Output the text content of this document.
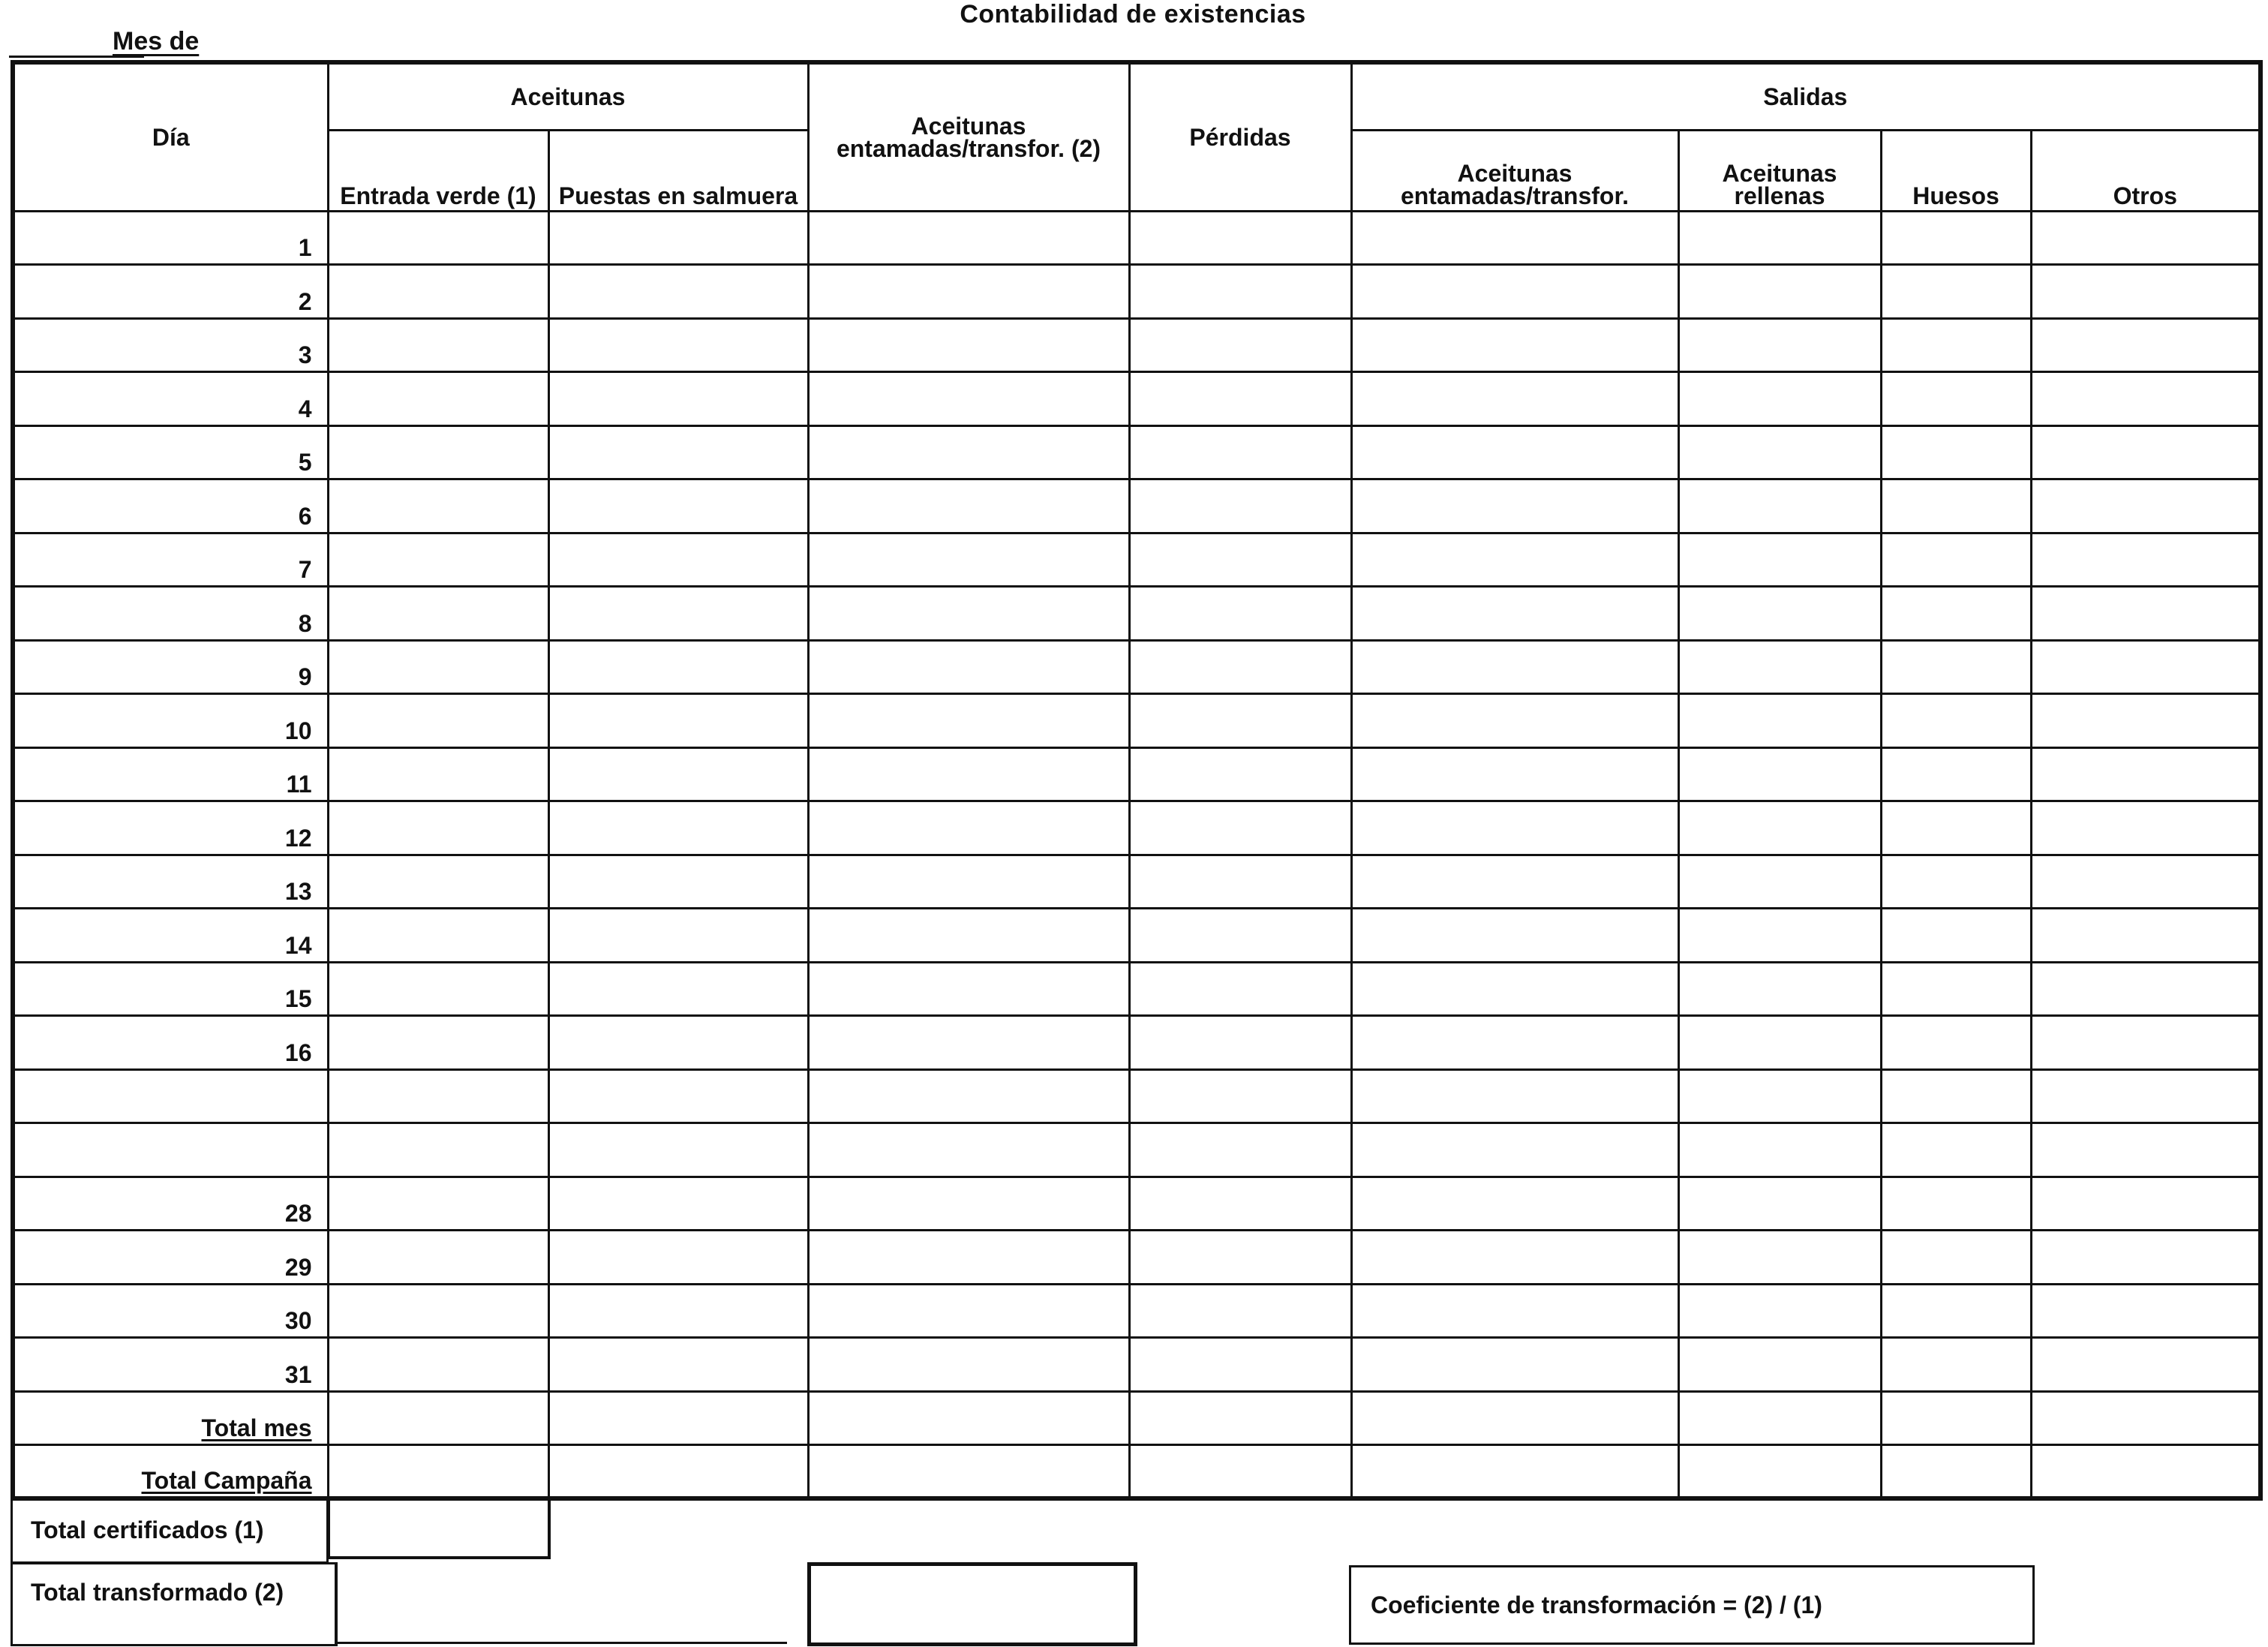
Contabilidad de existencias
Mes de
Día	Aceitunas		Aceitunas entamadas/transfor. (2)	Pérdidas	Salidas			
	Entrada verde (1)	Puestas en salmuera			Aceitunas entamadas/transfor.	Aceitunas rellenas	Huesos	Otros
1								
2								
3								
4								
5								
6								
7								
8								
9								
10								
11								
12								
13								
14								
15								
16								

28								
29								
30								
31								
Total mes								
Total Campaña								
Total certificados (1)
Total transformado (2)	Coeficiente de transformación = (2) / (1)
